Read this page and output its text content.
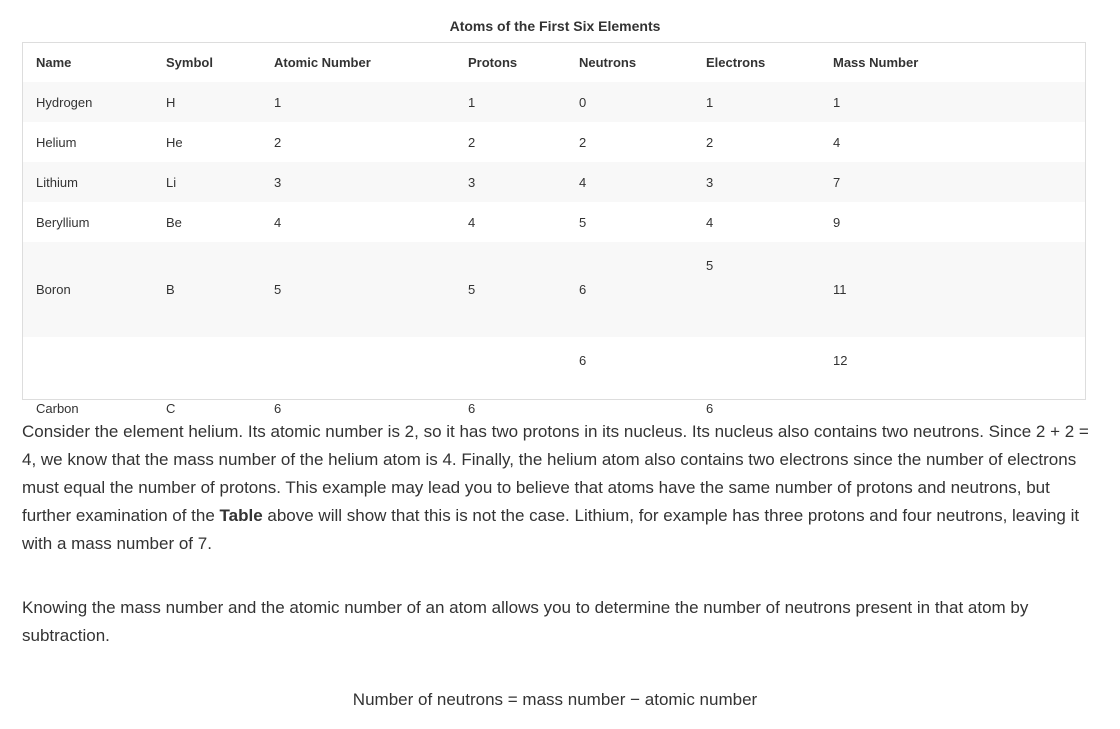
Atoms of the First Six Elements
Name	Symbol	Atomic Number	Protons	Neutrons	Electrons	Mass Number
Hydrogen	H	1	1	0	1	1
Helium	He	2	2	2	2	4
Lithium	Li	3	3	4	3	7
Beryllium	Be	4	4	5	4	9
Boron	B	5	5	6	5	11
Carbon	C	6	6	6	6	12
Consider the element helium. Its atomic number is 2, so it has two protons in its nucleus. Its nucleus also contains two neutrons. Since 2 + 2 = 4, we know that the mass number of the helium atom is 4. Finally, the helium atom also contains two electrons since the number of electrons must equal the number of protons. This example may lead you to believe that atoms have the same number of protons and neutrons, but further examination of the Table above will show that this is not the case. Lithium, for example has three protons and four neutrons, leaving it with a mass number of 7.
Knowing the mass number and the atomic number of an atom allows you to determine the number of neutrons present in that atom by subtraction.
Number of neutrons = mass number − atomic number
